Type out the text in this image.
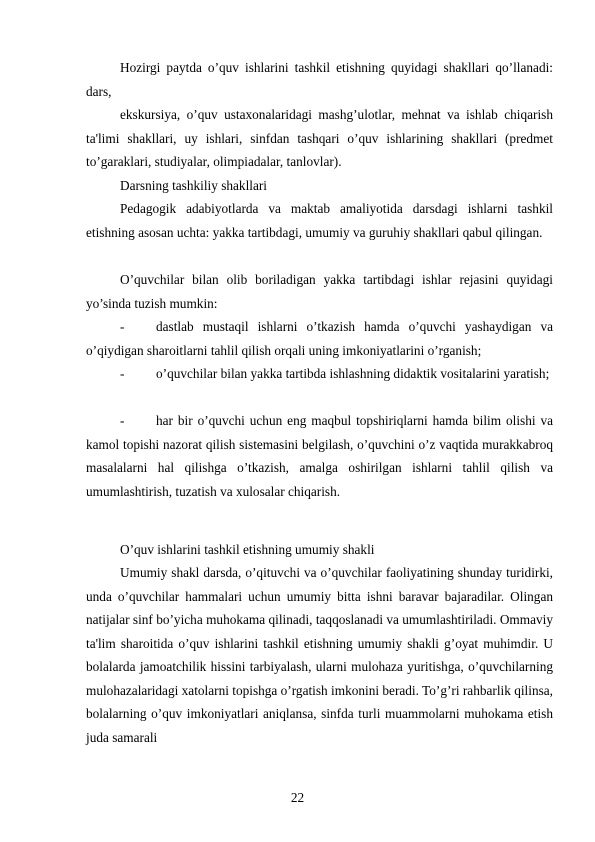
Hozirgi paytda o’quv ishlarini tashkil etishning quyidagi shakllari qo’llanadi: dars,

ekskursiya, o’quv ustaxonalaridagi mashg’ulotlar, mehnat va ishlab chiqarish ta'limi shakllari, uy ishlari, sinfdan tashqari o’quv ishlarining shakllari (predmet to’garaklari, studiyalar, olimpiadalar, tanlovlar).

Darsning tashkiliy shakllari

Pedagogik adabiyotlarda va maktab amaliyotida darsdagi ishlarni tashkil etishning asosan uchta: yakka tartibdagi, umumiy va guruhiy shakllari qabul qilingan.

O’quvchilar bilan olib boriladigan yakka tartibdagi ishlar rejasini quyidagi yo’sinda tuzish mumkin:

- dastlab mustaqil ishlarni o’tkazish hamda o’quvchi yashaydigan va o’qiydigan sharoitlarni tahlil qilish orqali uning imkoniyatlarini o’rganish;

- o’quvchilar bilan yakka tartibda ishlashning didaktik vositalarini yaratish;

- har bir o’quvchi uchun eng maqbul topshiriqlarni hamda bilim olishi va kamol topishi nazorat qilish sistemasini belgilash, o’quvchini o’z vaqtida murakkabroq masalalarni hal qilishga o’tkazish, amalga oshirilgan ishlarni tahlil qilish va umumlashtirish, tuzatish va xulosalar chiqarish.

O’quv ishlarini tashkil etishning umumiy shakli

Umumiy shakl darsda, o’qituvchi va o’quvchilar faoliyatining shunday turidirki, unda o’quvchilar hammalari uchun umumiy bitta ishni baravar bajaradilar. Olingan natijalar sinf bo’yicha muhokama qilinadi, taqqoslanadi va umumlashtiriladi. Ommaviy ta'lim sharoitida o’quv ishlarini tashkil etishning umumiy shakli g’oyat muhimdir. U bolalarda jamoatchilik hissini tarbiyalash, ularni mulohaza yuritishga, o’quvchilarning mulohazalaridagi xatolarni topishga o’rgatish imkonini beradi. To’g’ri rahbarlik qilinsa, bolalarning o’quv imkoniyatlari aniqlansa, sinfda turli muammolarni muhokama etish juda samarali

22
